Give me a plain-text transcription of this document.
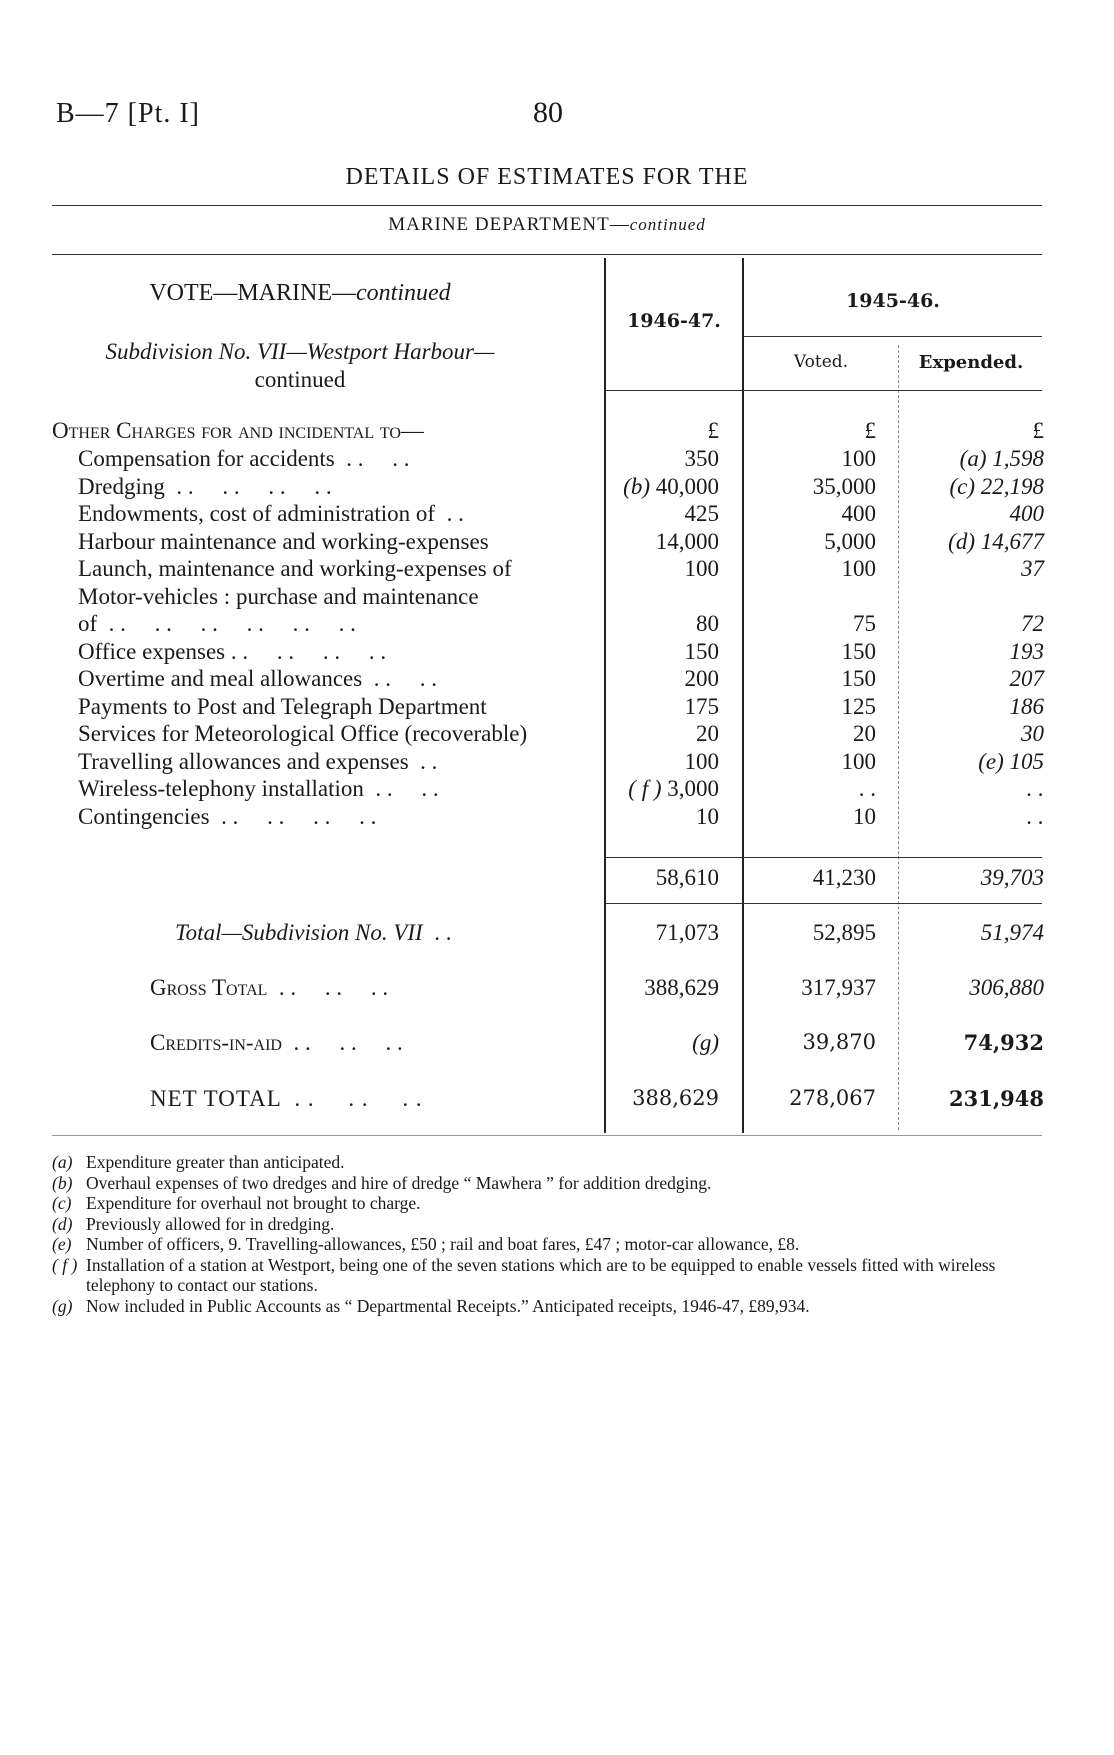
B—7 [Pt. I]	80
DETAILS OF ESTIMATES FOR THE
MARINE DEPARTMENT—continued
VOTE—MARINE—continued
Subdivision No. VII—Westport Harbour—
continued
1946-47.
1945-46.
Voted.	Expended.
Other Charges for and incidental to—	£	£	£
Compensation for accidents  . .     . .	350	100	(a) 1,598
Dredging  . .     . .     . .     . .	(b) 40,000	35,000	(c) 22,198
Endowments, cost of administration of  . .	425	400	400
Harbour maintenance and working-expenses	14,000	5,000	(d) 14,677
Launch, maintenance and working-expenses of	100	100	37
Motor-vehicles : purchase and maintenance
of  . .     . .     . .     . .     . .     . .	80	75	72
Office expenses . .     . .     . .     . .	150	150	193
Overtime and meal allowances  . .     . .	200	150	207
Payments to Post and Telegraph Department	175	125	186
Services for Meteorological Office (recoverable)	20	20	30
Travelling allowances and expenses  . .	100	100	(e) 105
Wireless-telephony installation  . .     . .	( f ) 3,000	. .	. .
Contingencies  . .     . .     . .     . .	10	10	. .
58,610	41,230	39,703
Total—Subdivision No. VII  . .	71,073	52,895	51,974
Gross Total  . .     . .     . .	388,629	317,937	306,880
Credits-in-aid  . .     . .     . .	(g)	39,870	74,932
NET TOTAL  . .     . .     . .	388,629	278,067	231,948
(a) Expenditure greater than anticipated.
(b) Overhaul expenses of two dredges and hire of dredge “ Mawhera ” for addition dredging.
(c) Expenditure for overhaul not brought to charge.
(d) Previously allowed for in dredging.
(e) Number of officers, 9. Travelling-allowances, £50 ; rail and boat fares, £47 ; motor-car allowance, £8.
( f ) Installation of a station at Westport, being one of the seven stations which are to be equipped to enable vessels fitted with wireless telephony to contact our stations.
(g) Now included in Public Accounts as “ Departmental Receipts.” Anticipated receipts, 1946-47, £89,934.
